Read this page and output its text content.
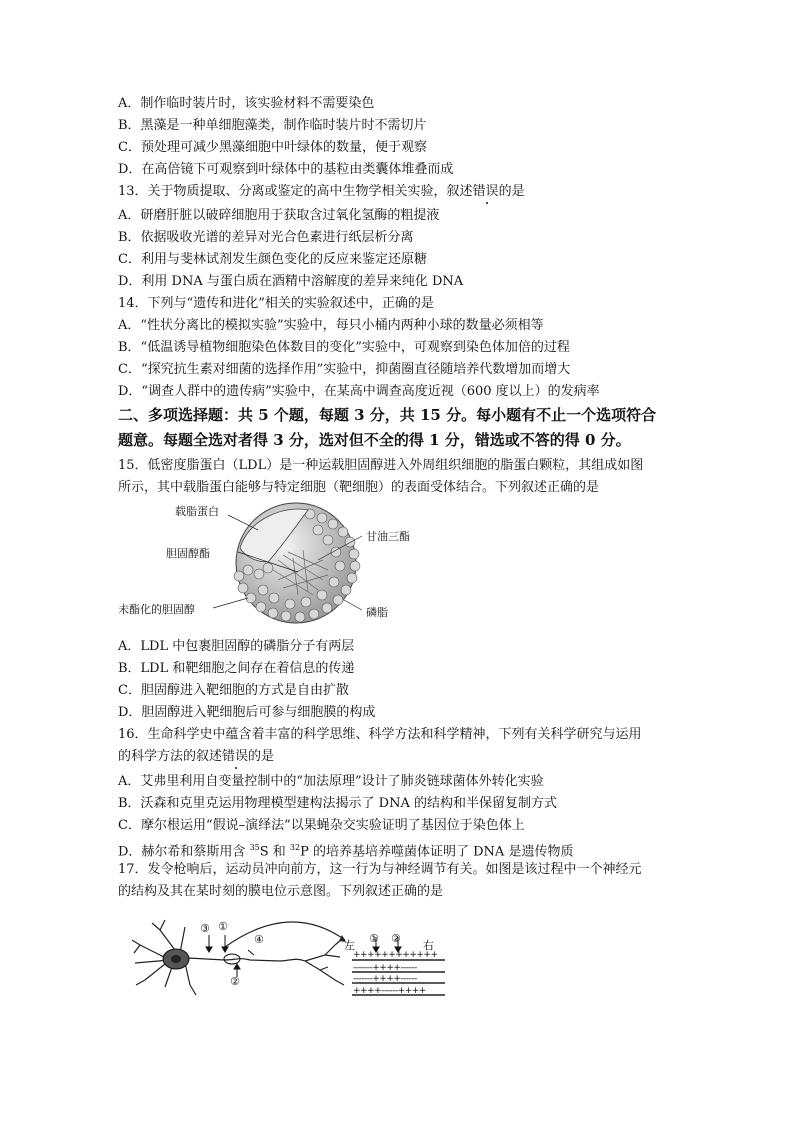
A．制作临时装片时，该实验材料不需要染色
B．黑藻是一种单细胞藻类，制作临时装片时不需切片
C．预处理可减少黑藻细胞中叶绿体的数量，便于观察
D．在高倍镜下可观察到叶绿体中的基粒由类囊体堆叠而成
13．关于物质提取、分离或鉴定的高中生物学相关实验，叙述错误的是
A．研磨肝脏以破碎细胞用于获取含过氧化氢酶的粗提液
B．依据吸收光谱的差异对光合色素进行纸层析分离
C．利用与斐林试剂发生颜色变化的反应来鉴定还原糖
D．利用 DNA 与蛋白质在酒精中溶解度的差异来纯化 DNA
14．下列与“遗传和进化”相关的实验叙述中，正确的是
A．“性状分离比的模拟实验”实验中，每只小桶内两种小球的数量必须相等
B．“低温诱导植物细胞染色体数目的变化”实验中，可观察到染色体加倍的过程
C．“探究抗生素对细菌的选择作用”实验中，抑菌圈直径随培养代数增加而增大
D．“调查人群中的遗传病”实验中，在某高中调查高度近视（600 度以上）的发病率
二、多项选择题：共 5 个题，每题 3 分，共 15 分。每小题有不止一个选项符合
题意。每题全选对者得 3 分，选对但不全的得 1 分，错选或不答的得 0 分。
15．低密度脂蛋白（LDL）是一种运载胆固醇进入外周组织细胞的脂蛋白颗粒，其组成如图
所示，其中载脂蛋白能够与特定细胞（靶细胞）的表面受体结合。下列叙述正确的是
载脂蛋白
甘油三酯
胆固醇酯
未酯化的胆固醇	磷脂
A．LDL 中包裹胆固醇的磷脂分子有两层
B．LDL 和靶细胞之间存在着信息的传递
C．胆固醇进入靶细胞的方式是自由扩散
D．胆固醇进入靶细胞后可参与细胞膜的构成
16．生命科学史中蕴含着丰富的科学思维、科学方法和科学精神，下列有关科学研究与运用
的科学方法的叙述错误的是
A．艾弗里利用自变量控制中的“加法原理”设计了肺炎链球菌体外转化实验
B．沃森和克里克运用物理模型建构法揭示了 DNA 的结构和半保留复制方式
C．摩尔根运用“假说–演绎法”以果蝇杂交实验证明了基因位于染色体上
D．赫尔希和蔡斯用含 $^{35}$S 和 $^{32}$P 的培养基培养噬菌体证明了 DNA 是遗传物质
17．发令枪响后，运动员冲向前方，这一行为与神经调节有关。如图是该过程中一个神经元
的结构及其在某时刻的膜电位示意图。下列叙述正确的是
③ ①
④
②
左
① ②
右
++++++++++++
-------++++------
-------++++------
++++------++++
